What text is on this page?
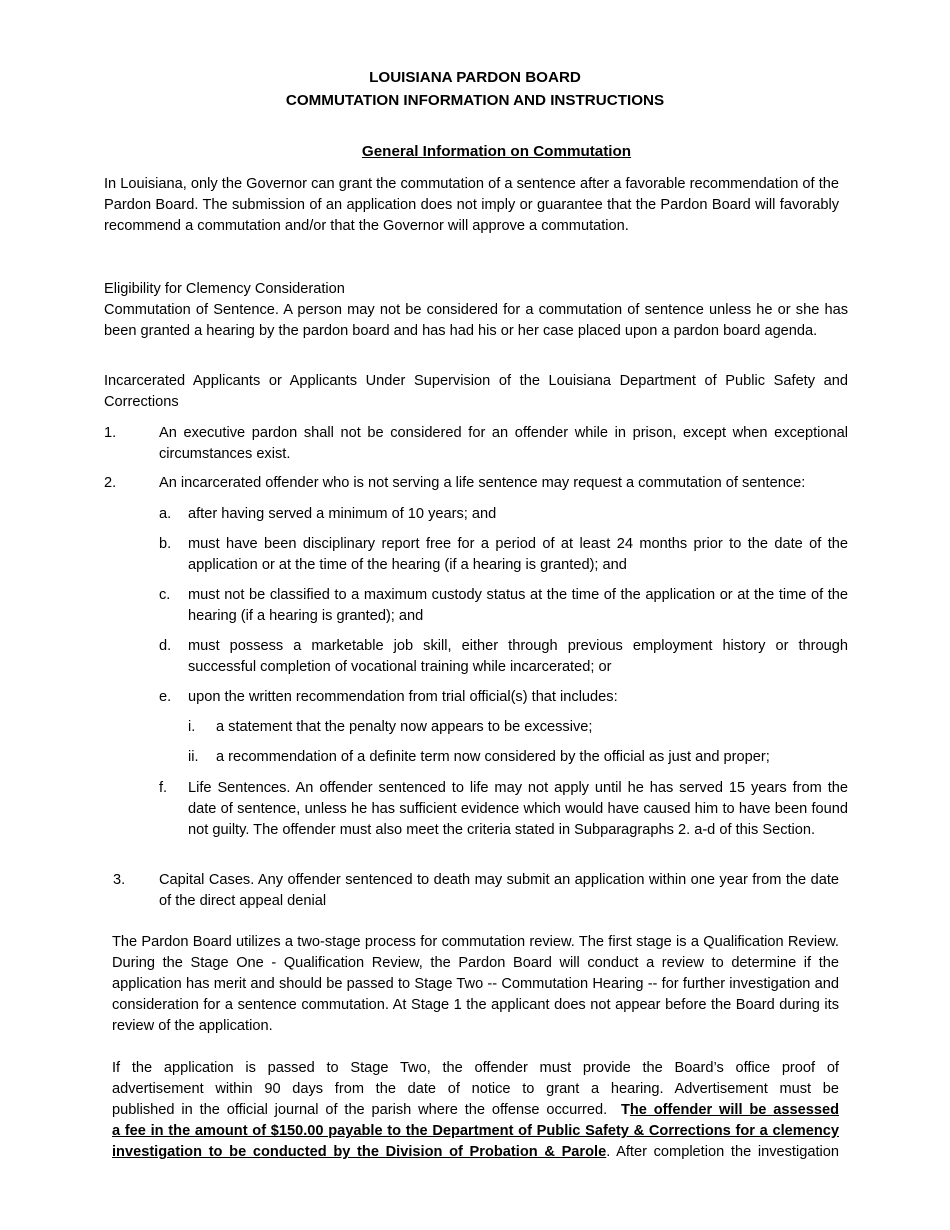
LOUISIANA PARDON BOARD
COMMUTATION INFORMATION AND INSTRUCTIONS
General Information on Commutation
In Louisiana, only the Governor can grant the commutation of a sentence after a favorable recommendation of the Pardon Board. The submission of an application does not imply or guarantee that the Pardon Board will favorably recommend a commutation and/or that the Governor will approve a commutation.
Eligibility for Clemency Consideration
Commutation of Sentence. A person may not be considered for a commutation of sentence unless he or she has been granted a hearing by the pardon board and has had his or her case placed upon a pardon board agenda.
Incarcerated Applicants or Applicants Under Supervision of the Louisiana Department of Public Safety and Corrections
1.	An executive pardon shall not be considered for an offender while in prison, except when exceptional circumstances exist.
2.	An incarcerated offender who is not serving a life sentence may request a commutation of sentence:
a. after having served a minimum of 10 years; and
b. must have been disciplinary report free for a period of at least 24 months prior to the date of the application or at the time of the hearing (if a hearing is granted); and
c. must not be classified to a maximum custody status at the time of the application or at the time of the hearing (if a hearing is granted); and
d. must possess a marketable job skill, either through previous employment history or through successful completion of vocational training while incarcerated; or
e. upon the written recommendation from trial official(s) that includes:
i. a statement that the penalty now appears to be excessive;
ii. a recommendation of a definite term now considered by the official as just and proper;
f. Life Sentences. An offender sentenced to life may not apply until he has served 15 years from the date of sentence, unless he has sufficient evidence which would have caused him to have been found not guilty. The offender must also meet the criteria stated in Subparagraphs 2. a-d of this Section.
3. Capital Cases. Any offender sentenced to death may submit an application within one year from the date of the direct appeal denial
The Pardon Board utilizes a two-stage process for commutation review. The first stage is a Qualification Review. During the Stage One - Qualification Review, the Pardon Board will conduct a review to determine if the application has merit and should be passed to Stage Two -- Commutation Hearing -- for further investigation and consideration for a sentence commutation. At Stage 1 the applicant does not appear before the Board during its review of the application.
If the application is passed to Stage Two, the offender must provide the Board’s office proof of
advertisement within 90 days from the date of notice to grant a hearing. Advertisement must be
published in the official journal of the parish where the offense occurred. The offender will be assessed
a fee in the amount of $150.00 payable to the Department of Public Safety & Corrections for a clemency
investigation to be conducted by the Division of Probation & Parole. After completion the investigation
